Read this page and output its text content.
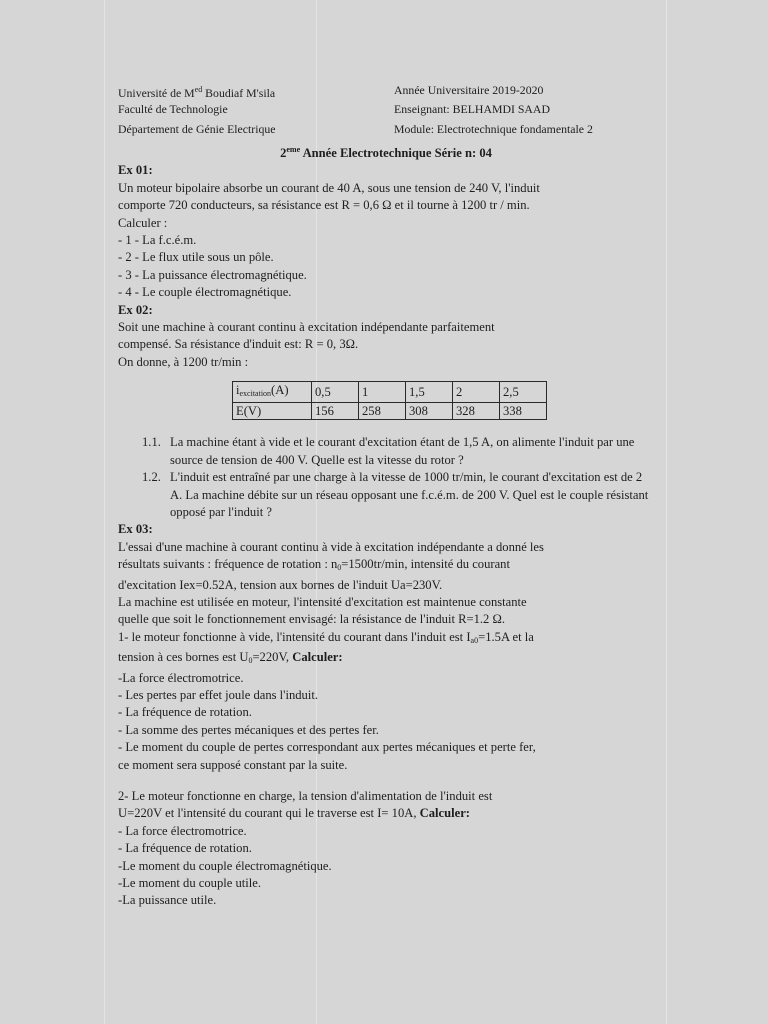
Université de $M^{ed}$ Boudiaf M'sila	Année Universitaire 2019-2020
Faculté de Technologie	Enseignant: BELHAMDI SAAD
Département de Génie Electrique	Module: Electrotechnique fondamentale 2
2eme Année Electrotechnique Série n: 04
Ex 01:

Un moteur bipolaire absorbe un courant de 40 A, sous une tension de 240 V, l'induit

comporte 720 conducteurs, sa résistance est R = 0,6 Ω et il tourne à 1200 tr / min.

Calculer :

- 1 - La f.c.é.m.

- 2 - Le flux utile sous un pôle.

- 3 - La puissance électromagnétique.

- 4 - Le couple électromagnétique.

Ex 02:

Soit une machine à courant continu à excitation indépendante parfaitement

compensé. Sa résistance d'induit est: R = 0, 3Ω.

On donne, à 1200 tr/min :

$i_{excitation}(A)$	0,5	1	1,5	2	2,5
E(V)	156	258	308	328	338
1.1. La machine étant à vide et le courant d'excitation étant de 1,5 A, on alimente l'induit par une source de tension de 400 V. Quelle est la vitesse du rotor ?
1.2. L'induit est entraîné par une charge à la vitesse de 1000 tr/min, le courant d'excitation est de 2 A. La machine débite sur un réseau opposant une f.c.é.m. de 200 V. Quel est le couple résistant opposé par l'induit ?
Ex 03:

L'essai d'une machine à courant continu à vide à excitation indépendante a donné les

résultats suivants : fréquence de rotation : $n_0=1500tr/\min$, intensité du courant

d'excitation Iex=0.52A, tension aux bornes de l'induit Ua=230V.

La machine est utilisée en moteur, l'intensité d'excitation est maintenue constante

quelle que soit le fonctionnement envisagé: la résistance de l'induit R=1.2 Ω.

1- le moteur fonctionne à vide, l'intensité du courant dans l'induit est $I_{a0}=1.5A$ et la

tension à ces bornes est $U_0=220V$, Calculer:

-La force électromotrice.

- Les pertes par effet joule dans l'induit.

- La fréquence de rotation.

- La somme des pertes mécaniques et des pertes fer.

- Le moment du couple de pertes correspondant aux pertes mécaniques et perte fer,

ce moment sera supposé constant par la suite.

2- Le moteur fonctionne en charge, la tension d'alimentation de l'induit est

U=220V et l'intensité du courant qui le traverse est I= 10A, Calculer:

- La force électromotrice.

- La fréquence de rotation.

-Le moment du couple électromagnétique.

-Le moment du couple utile.

-La puissance utile.
